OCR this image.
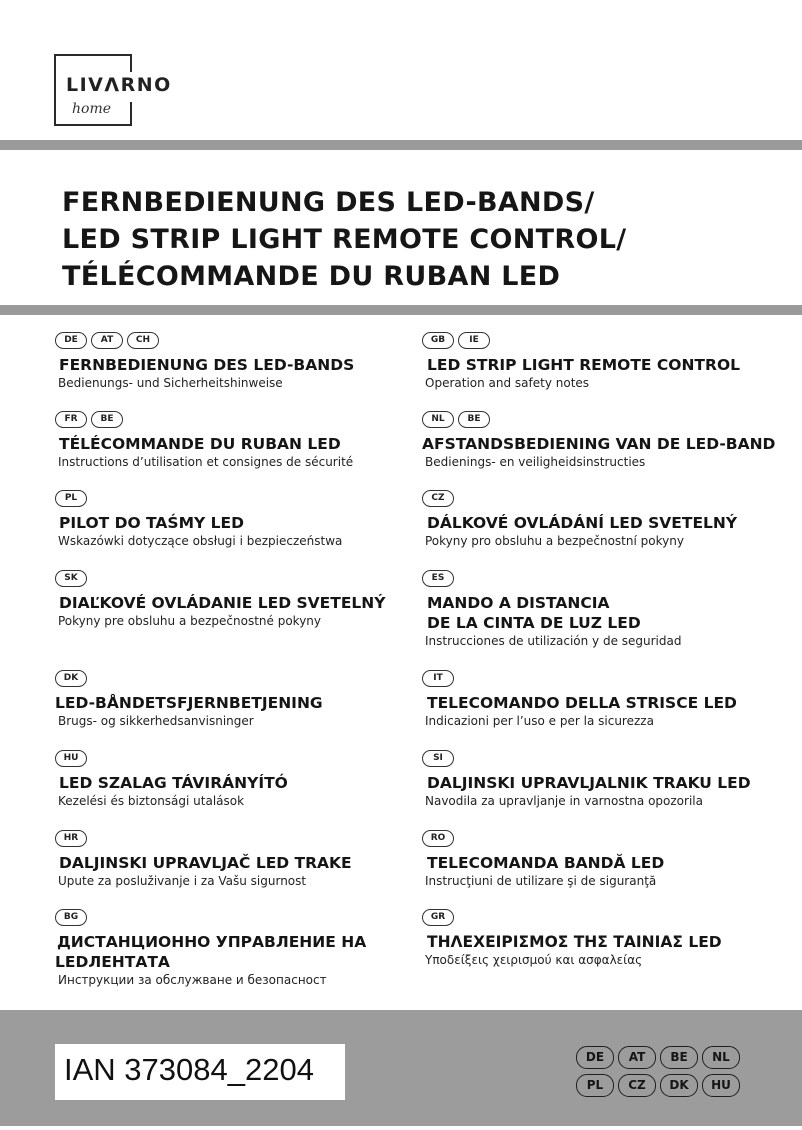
LIVΛRNO
home
FERNBEDIENUNG DES LED-BANDS/
LED STRIP LIGHT REMOTE CONTROL/
TÉLÉCOMMANDE DU RUBAN LED
DE	AT	CH
FERNBEDIENUNG DES LED-BANDS
Bedienungs- und Sicherheitshinweise
GB	IE
LED STRIP LIGHT REMOTE CONTROL
Operation and safety notes
FR	BE
TÉLÉCOMMANDE DU RUBAN LED
Instructions d’utilisation et consignes de sécurité
NL	BE
AFSTANDSBEDIENING VAN DE LED-BAND
Bedienings- en veiligheidsinstructies
PL
PILOT DO TAŚMY LED
Wskazówki dotyczące obsługi i bezpieczeństwa
CZ
DÁLKOVÉ OVLÁDÁNÍ LED SVETELNÝ
Pokyny pro obsluhu a bezpečnostní pokyny
SK
DIAĽKOVÉ OVLÁDANIE LED SVETELNÝ
Pokyny pre obsluhu a bezpečnostné pokyny
ES
MANDO A DISTANCIA
DE LA CINTA DE LUZ LED
Instrucciones de utilización y de seguridad
DK
LED-BÅNDETSFJERNBETJENING
Brugs- og sikkerhedsanvisninger
IT
TELECOMANDO DELLA STRISCE LED
Indicazioni per l’uso e per la sicurezza
HU
LED SZALAG TÁVIRÁNYÍTÓ
Kezelési és biztonsági utalások
SI
DALJINSKI UPRAVLJALNIK TRAKU LED
Navodila za upravljanje in varnostna opozorila
HR
DALJINSKI UPRAVLJAČ LED TRAKE
Upute za posluživanje i za Vašu sigurnost
RO
TELECOMANDA BANDĂ LED
Instrucţiuni de utilizare şi de siguranţă
BG
ДИСТАНЦИОННО УПРАВЛЕНИЕ НА
LEDЛЕНТАТА
Инструкции за обслужване и безопасност
GR
ΤΗΛΕΧΕΙΡΙΣΜΟΣ ΤΗΣ ΤΑΙΝΙΑΣ LED
Υποδείξεις χειρισμού και ασφαλείας
IAN 373084_2204	DE	AT	BE	NL
PL	CZ	DK	HU
